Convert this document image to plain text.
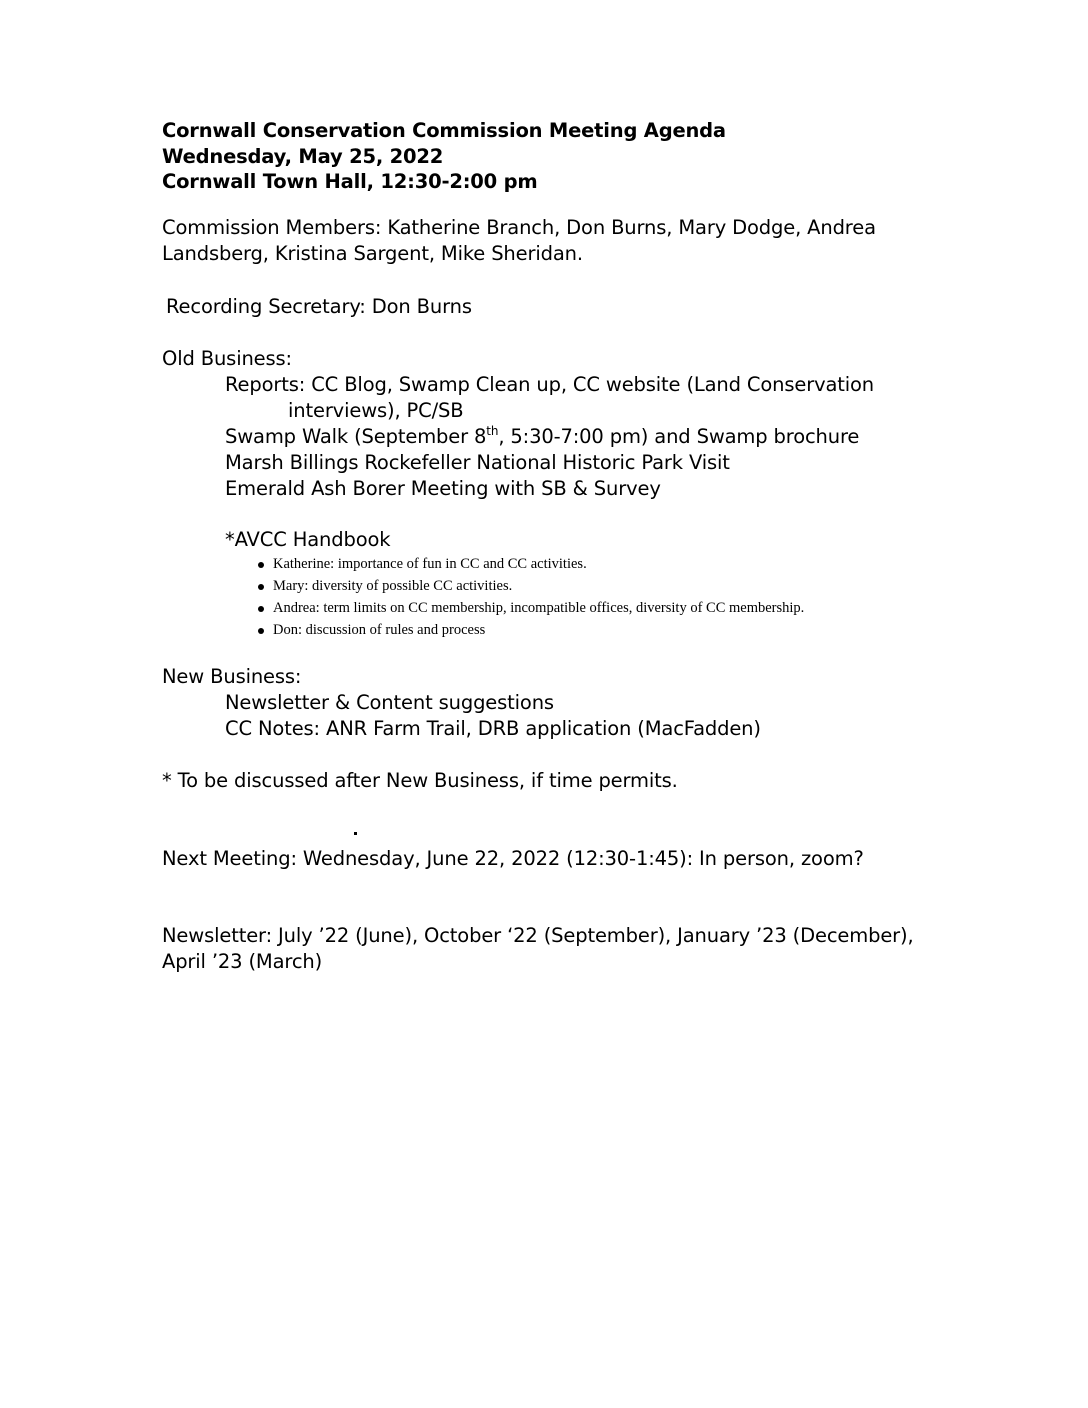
Cornwall Conservation Commission Meeting Agenda
Wednesday, May 25, 2022
Cornwall Town Hall, 12:30-2:00 pm
Commission Members: Katherine Branch, Don Burns, Mary Dodge, Andrea
Landsberg, Kristina Sargent, Mike Sheridan.
Recording Secretary: Don Burns
Old Business:
Reports: CC Blog, Swamp Clean up, CC website (Land Conservation
interviews), PC/SB
Swamp Walk (September 8th, 5:30-7:00 pm) and Swamp brochure
Marsh Billings Rockefeller National Historic Park Visit
Emerald Ash Borer Meeting with SB & Survey
*AVCC Handbook
Katherine: importance of fun in CC and CC activities.
Mary: diversity of possible CC activities.
Andrea: term limits on CC membership, incompatible offices, diversity of CC membership.
Don: discussion of rules and process
New Business:
Newsletter & Content suggestions
CC Notes: ANR Farm Trail, DRB application (MacFadden)
* To be discussed after New Business, if time permits.
Next Meeting: Wednesday, June 22, 2022 (12:30-1:45): In person, zoom?
Newsletter: July ’22 (June), October ‘22 (September), January ’23 (December),
April ’23 (March)
